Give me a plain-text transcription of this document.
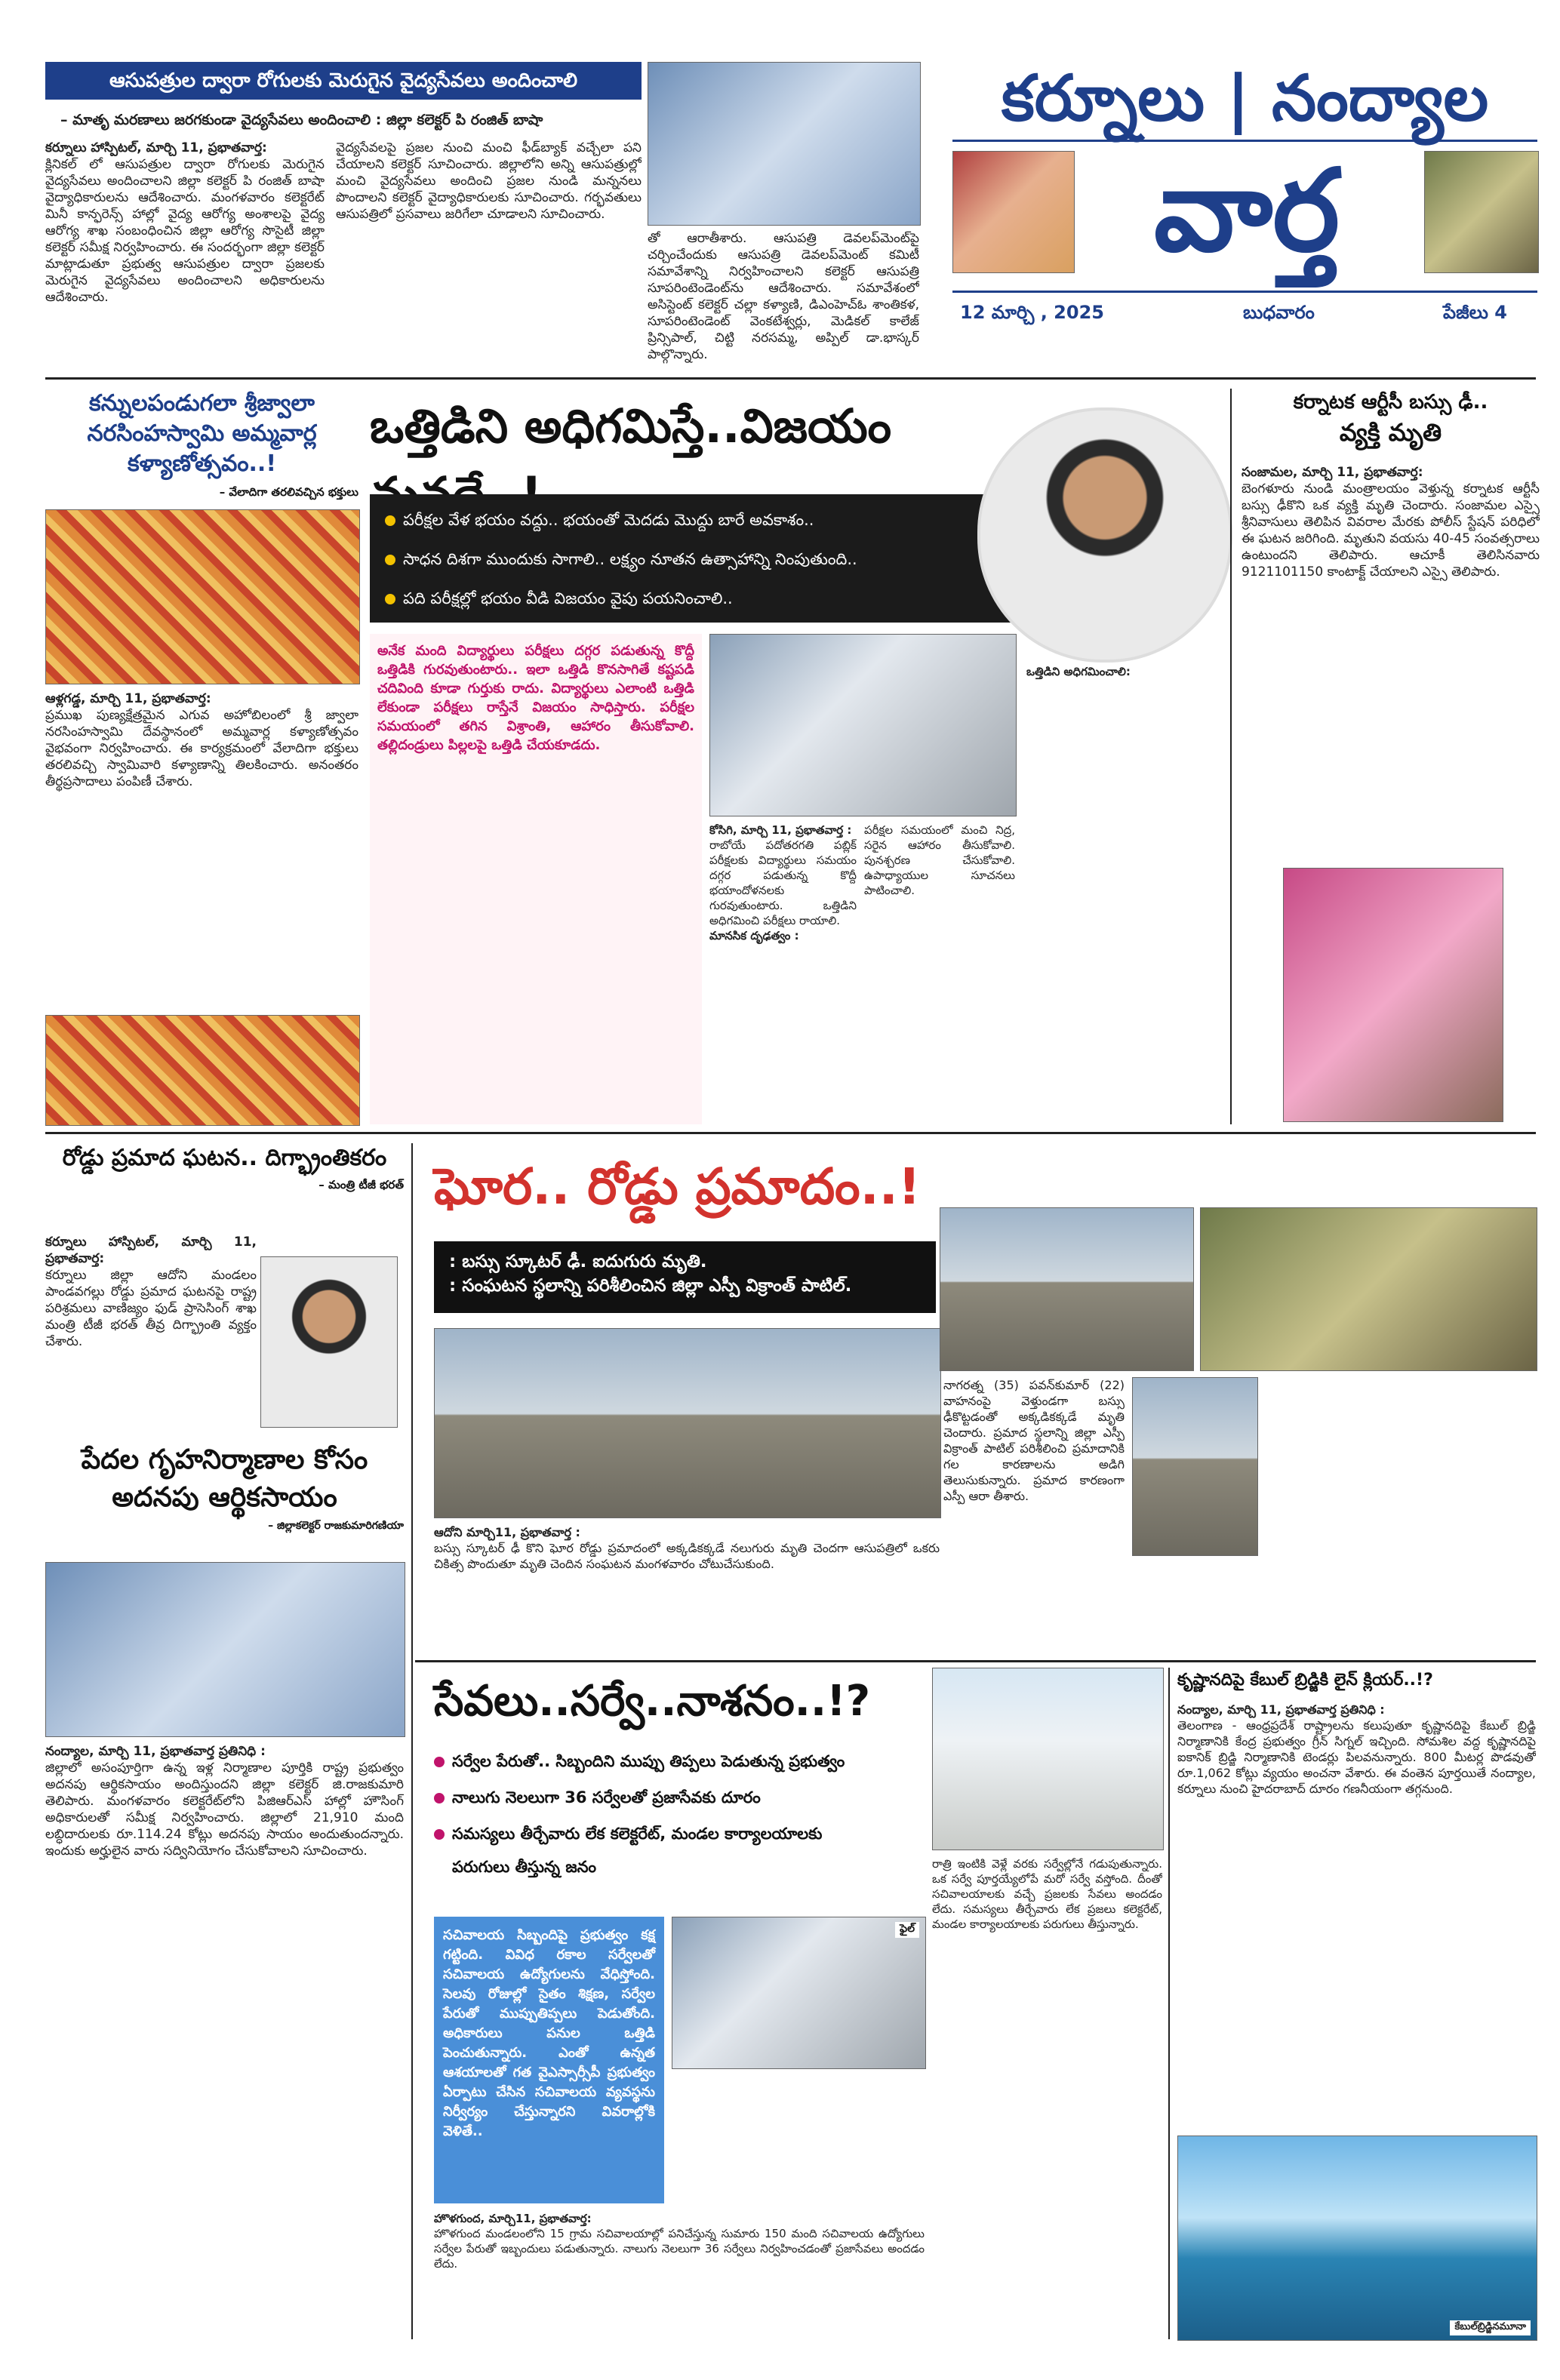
ఆసుపత్రుల ద్వారా రోగులకు మెరుగైన వైద్యసేవలు అందించాలి
– మాతృ మరణాలు జరగకుండా వైద్యసేవలు అందించాలి : జిల్లా కలెక్టర్ పి రంజిత్ బాషా
కర్నూలు హాస్పిటల్, మార్చి 11, ప్రభాతవార్త:
క్లినికల్ లో ఆసుపత్రుల ద్వారా రోగులకు మెరుగైన వైద్యసేవలు అందించాలని జిల్లా కలెక్టర్ పి రంజిత్ బాషా వైద్యాధికారులను ఆదేశించారు. మంగళవారం కలెక్టరేట్ మినీ కాన్ఫరెన్స్ హాల్లో వైద్య ఆరోగ్య అంశాలపై వైద్య ఆరోగ్య శాఖ సంబంధించిన జిల్లా ఆరోగ్య సొసైటీ జిల్లా కలెక్టర్ సమీక్ష నిర్వహించారు. ఈ సందర్భంగా జిల్లా కలెక్టర్ మాట్లాడుతూ ప్రభుత్వ ఆసుపత్రుల ద్వారా ప్రజలకు మెరుగైన వైద్యసేవలు అందించాలని అధికారులను ఆదేశించారు.
వైద్యసేవలపై ప్రజల నుంచి మంచి ఫీడ్‌బ్యాక్ వచ్చేలా పని చేయాలని కలెక్టర్ సూచించారు. జిల్లాలోని అన్ని ఆసుపత్రుల్లో మంచి వైద్యసేవలు అందించి ప్రజల నుండి మన్ననలు పొందాలని కలెక్టర్ వైద్యాధికారులకు సూచించారు. గర్భవతులు ఆసుపత్రిలో ప్రసవాలు జరిగేలా చూడాలని సూచించారు.
తో ఆరాతీశారు. ఆసుపత్రి డెవలప్‌మెంట్‌పై చర్చించేందుకు ఆసుపత్రి డెవలప్‌మెంట్ కమిటీ సమావేశాన్ని నిర్వహించాలని కలెక్టర్ ఆసుపత్రి సూపరింటెండెంట్‌ను ఆదేశించారు. సమావేశంలో అసిస్టెంట్ కలెక్టర్ చల్లా కళ్యాణి, డిఎంహెచ్ఓ శాంతికళ, సూపరింటెండెంట్ వెంకటేశ్వర్లు, మెడికల్ కాలేజ్ ప్రిన్సిపాల్, చిట్టి నరసమ్మ, అప్పిల్ డా.భాస్కర్ పాల్గొన్నారు.
కర్నూలు | నంద్యాల
వార్త
12 మార్చి , 2025	బుధవారం	పేజీలు 4
కన్నులపండుగలా శ్రీజ్వాలా నరసింహస్వామి అమ్మవార్ల కళ్యాణోత్సవం..!
– వేలాదిగా తరలివచ్చిన భక్తులు
ఆళ్లగడ్డ, మార్చి 11, ప్రభాతవార్త:
ప్రముఖ పుణ్యక్షేత్రమైన ఎగువ అహోబిలంలో శ్రీ జ్వాలా నరసింహస్వామి దేవస్థానంలో అమ్మవార్ల కళ్యాణోత్సవం వైభవంగా నిర్వహించారు. ఈ కార్యక్రమంలో వేలాదిగా భక్తులు తరలివచ్చి స్వామివారి కళ్యాణాన్ని తిలకించారు. అనంతరం తీర్థప్రసాదాలు పంపిణీ చేశారు.
ఒత్తిడిని అధిగమిస్తే..విజయం
పరీక్షల వేళ భయం వద్దు.. భయంతో మెదడు మొద్దు బారే అవకాశం..
సాధన దిశగా ముందుకు సాగాలి.. లక్ష్యం నూతన ఉత్సాహాన్ని నింపుతుంది..
పది పరీక్షల్లో భయం వీడి విజయం వైపు పయనించాలి..
అనేక మంది విద్యార్థులు పరీక్షలు దగ్గర పడుతున్న కొద్దీ ఒత్తిడికి గురవుతుంటారు.. ఇలా ఒత్తిడి కొనసాగితే కష్టపడి చదివింది కూడా గుర్తుకు రాదు. విద్యార్థులు ఎలాంటి ఒత్తిడి లేకుండా పరీక్షలు రాస్తేనే విజయం సాధిస్తారు. పరీక్షల సమయంలో తగిన విశ్రాంతి, ఆహారం తీసుకోవాలి. తల్లిదండ్రులు పిల్లలపై ఒత్తిడి చేయకూడదు.
కోసిగి, మార్చి 11, ప్రభాతవార్త :
రాబోయే పదోతరగతి పబ్లిక్ పరీక్షలకు విద్యార్థులు సమయం దగ్గర పడుతున్న కొద్దీ భయాందోళనలకు గురవుతుంటారు. ఒత్తిడిని అధిగమించి పరీక్షలు రాయాలి.
మానసిక దృఢత్వం :
పరీక్షల సమయంలో మంచి నిద్ర, సరైన ఆహారం తీసుకోవాలి. పునశ్చరణ చేసుకోవాలి. ఉపాధ్యాయుల సూచనలు పాటించాలి.
ఒత్తిడిని అధిగమించాలి:
కర్నాటక ఆర్టీసీ బస్సు ఢీ..
వ్యక్తి మృతి
సంజామల, మార్చి 11, ప్రభాతవార్త:
బెంగళూరు నుండి మంత్రాలయం వెళ్తున్న కర్నాటక ఆర్టీసీ బస్సు ఢీకొని ఒక వ్యక్తి మృతి చెందారు. సంజామల ఎస్సై శ్రీనివాసులు తెలిపిన వివరాల మేరకు పోలీస్ స్టేషన్ పరిధిలో ఈ ఘటన జరిగింది. మృతుని వయసు 40-45 సంవత్సరాలు ఉంటుందని తెలిపారు. ఆచూకీ తెలిసినవారు 9121101150 కాంటాక్ట్ చేయాలని ఎస్సై తెలిపారు.
రోడ్డు ప్రమాద ఘటన.. దిగ్భ్రాంతికరం
– మంత్రి టీజీ భరత్
కర్నూలు హాస్పిటల్, మార్చి 11, ప్రభాతవార్త:
కర్నూలు జిల్లా ఆదోని మండలం పాండవగల్లు రోడ్డు ప్రమాద ఘటనపై రాష్ట్ర పరిశ్రమలు వాణిజ్యం ఫుడ్ ప్రాసెసింగ్ శాఖ మంత్రి టీజీ భరత్ తీవ్ర దిగ్భ్రాంతి వ్యక్తం చేశారు.
పేదల గృహనిర్మాణాల కోసం అదనపు ఆర్థికసాయం
– జిల్లాకలెక్టర్ రాజకుమారిగణియా
నంద్యాల, మార్చి 11, ప్రభాతవార్త ప్రతినిధి :
జిల్లాలో అసంపూర్తిగా ఉన్న ఇళ్ల నిర్మాణాల పూర్తికి రాష్ట్ర ప్రభుత్వం అదనపు ఆర్థికసాయం అందిస్తుందని జిల్లా కలెక్టర్ జి.రాజకుమారి తెలిపారు. మంగళవారం కలెక్టరేట్‌లోని పిజిఆర్ఎస్ హాల్లో హౌసింగ్ అధికారులతో సమీక్ష నిర్వహించారు. జిల్లాలో 21,910 మంది లబ్ధిదారులకు రూ.114.24 కోట్లు అదనపు సాయం అందుతుందన్నారు. ఇందుకు అర్హులైన వారు సద్వినియోగం చేసుకోవాలని సూచించారు.
ఘోర.. రోడ్డు ప్రమాదం..!
: బస్సు స్కూటర్ ఢీ. ఐదుగురు మృతి.
: సంఘటన స్థలాన్ని పరిశీలించిన జిల్లా ఎస్పీ విక్రాంత్ పాటిల్.
ఆదోని మార్చి11, ప్రభాతవార్త :
బస్సు స్కూటర్ ఢీ కొని ఘోర రోడ్డు ప్రమాదంలో అక్కడికక్కడే నలుగురు మృతి చెందగా ఆసుపత్రిలో ఒకరు చికిత్స పొందుతూ మృతి చెందిన సంఘటన మంగళవారం చోటుచేసుకుంది.
నాగరత్న (35) పవన్‌కుమార్ (22) వాహనంపై వెళ్తుండగా బస్సు ఢీకొట్టడంతో అక్కడికక్కడే మృతి చెందారు. ప్రమాద స్థలాన్ని జిల్లా ఎస్పీ విక్రాంత్ పాటిల్ పరిశీలించి ప్రమాదానికి గల కారణాలను అడిగి తెలుసుకున్నారు. ప్రమాద కారణంగా ఎస్పీ ఆరా తీశారు.
సేవలు..సర్వే..నాశనం..!?
సర్వేల పేరుతో.. సిబ్బందిని ముప్పు తిప్పలు పెడుతున్న ప్రభుత్వం
నాలుగు నెలలుగా 36 సర్వేలతో ప్రజాసేవకు దూరం
సమస్యలు తీర్చేవారు లేక కలెక్టరేట్, మండల కార్యాలయాలకు
పరుగులు తీస్తున్న జనం
సచివాలయ సిబ్బందిపై ప్రభుత్వం కక్ష గట్టింది. వివిధ రకాల సర్వేలతో సచివాలయ ఉద్యోగులను వేధిస్తోంది. సెలవు రోజుల్లో సైతం శిక్షణ, సర్వేల పేరుతో ముప్పుతిప్పలు పెడుతోంది. అధికారులు పనుల ఒత్తిడి పెంచుతున్నారు. ఎంతో ఉన్నత ఆశయాలతో గత వైఎస్సార్సీపీ ప్రభుత్వం ఏర్పాటు చేసిన సచివాలయ వ్యవస్థను నిర్వీర్యం చేస్తున్నారని వివరాల్లోకి వెళితే..
ఫైల్
హొళగుంద, మార్చి11, ప్రభాతవార్త:
హొళగుంద మండలంలోని 15 గ్రామ సచివాలయాల్లో పనిచేస్తున్న సుమారు 150 మంది సచివాలయ ఉద్యోగులు సర్వేల పేరుతో ఇబ్బందులు పడుతున్నారు. నాలుగు నెలలుగా 36 సర్వేలు నిర్వహించడంతో ప్రజాసేవలు అందడం లేదు.
రాత్రి ఇంటికి వెళ్లే వరకు సర్వేల్లోనే గడుపుతున్నారు. ఒక సర్వే పూర్తయ్యేలోపే మరో సర్వే వస్తోంది. దీంతో సచివాలయాలకు వచ్చే ప్రజలకు సేవలు అందడం లేదు. సమస్యలు తీర్చేవారు లేక ప్రజలు కలెక్టరేట్, మండల కార్యాలయాలకు పరుగులు తీస్తున్నారు.
కృష్ణానదిపై కేబుల్ బ్రిడ్జికి లైన్ క్లియర్..!?
నంద్యాల, మార్చి 11, ప్రభాతవార్త ప్రతినిధి :
తెలంగాణ - ఆంధ్రప్రదేశ్ రాష్ట్రాలను కలుపుతూ కృష్ణానదిపై కేబుల్ బ్రిడ్జి నిర్మాణానికి కేంద్ర ప్రభుత్వం గ్రీన్ సిగ్నల్ ఇచ్చింది. సోమశిల వద్ద కృష్ణానదిపై ఐకానిక్ బ్రిడ్జి నిర్మాణానికి టెండర్లు పిలవనున్నారు. 800 మీటర్ల పొడవుతో రూ.1,062 కోట్లు వ్యయం అంచనా వేశారు. ఈ వంతెన పూర్తయితే నంద్యాల, కర్నూలు నుంచి హైదరాబాద్ దూరం గణనీయంగా తగ్గనుంది.
కేబుల్‌బ్రిడ్జినమూనా
